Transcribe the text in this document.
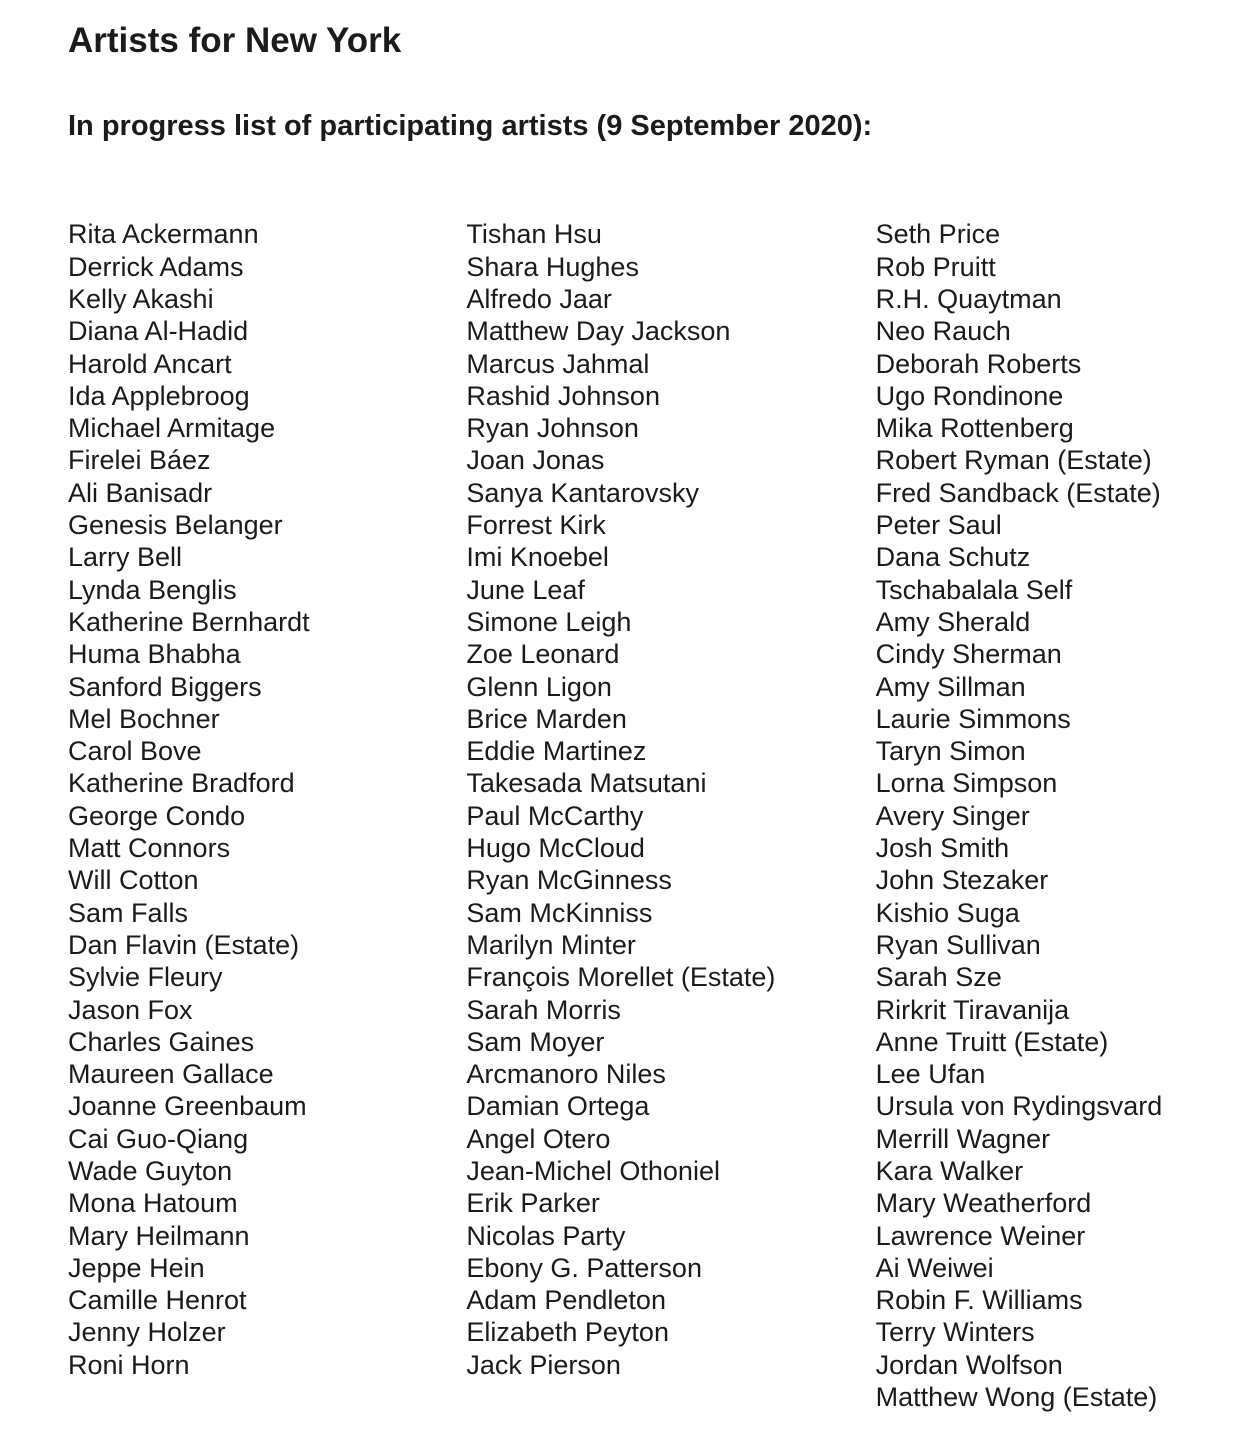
Artists for New York
In progress list of participating artists (9 September 2020):
Rita Ackermann
Derrick Adams
Kelly Akashi
Diana Al-Hadid
Harold Ancart
Ida Applebroog
Michael Armitage
Firelei Báez
Ali Banisadr
Genesis Belanger
Larry Bell
Lynda Benglis
Katherine Bernhardt
Huma Bhabha
Sanford Biggers
Mel Bochner
Carol Bove
Katherine Bradford
George Condo
Matt Connors
Will Cotton
Sam Falls
Dan Flavin (Estate)
Sylvie Fleury
Jason Fox
Charles Gaines
Maureen Gallace
Joanne Greenbaum
Cai Guo-Qiang
Wade Guyton
Mona Hatoum
Mary Heilmann
Jeppe Hein
Camille Henrot
Jenny Holzer
Roni Horn
Tishan Hsu
Shara Hughes
Alfredo Jaar
Matthew Day Jackson
Marcus Jahmal
Rashid Johnson
Ryan Johnson
Joan Jonas
Sanya Kantarovsky
Forrest Kirk
Imi Knoebel
June Leaf
Simone Leigh
Zoe Leonard
Glenn Ligon
Brice Marden
Eddie Martinez
Takesada Matsutani
Paul McCarthy
Hugo McCloud
Ryan McGinness
Sam McKinniss
Marilyn Minter
François Morellet (Estate)
Sarah Morris
Sam Moyer
Arcmanoro Niles
Damian Ortega
Angel Otero
Jean-Michel Othoniel
Erik Parker
Nicolas Party
Ebony G. Patterson
Adam Pendleton
Elizabeth Peyton
Jack Pierson
Seth Price
Rob Pruitt
R.H. Quaytman
Neo Rauch
Deborah Roberts
Ugo Rondinone
Mika Rottenberg
Robert Ryman (Estate)
Fred Sandback (Estate)
Peter Saul
Dana Schutz
Tschabalala Self
Amy Sherald
Cindy Sherman
Amy Sillman
Laurie Simmons
Taryn Simon
Lorna Simpson
Avery Singer
Josh Smith
John Stezaker
Kishio Suga
Ryan Sullivan
Sarah Sze
Rirkrit Tiravanija
Anne Truitt (Estate)
Lee Ufan
Ursula von Rydingsvard
Merrill Wagner
Kara Walker
Mary Weatherford
Lawrence Weiner
Ai Weiwei
Robin F. Williams
Terry Winters
Jordan Wolfson
Matthew Wong (Estate)
